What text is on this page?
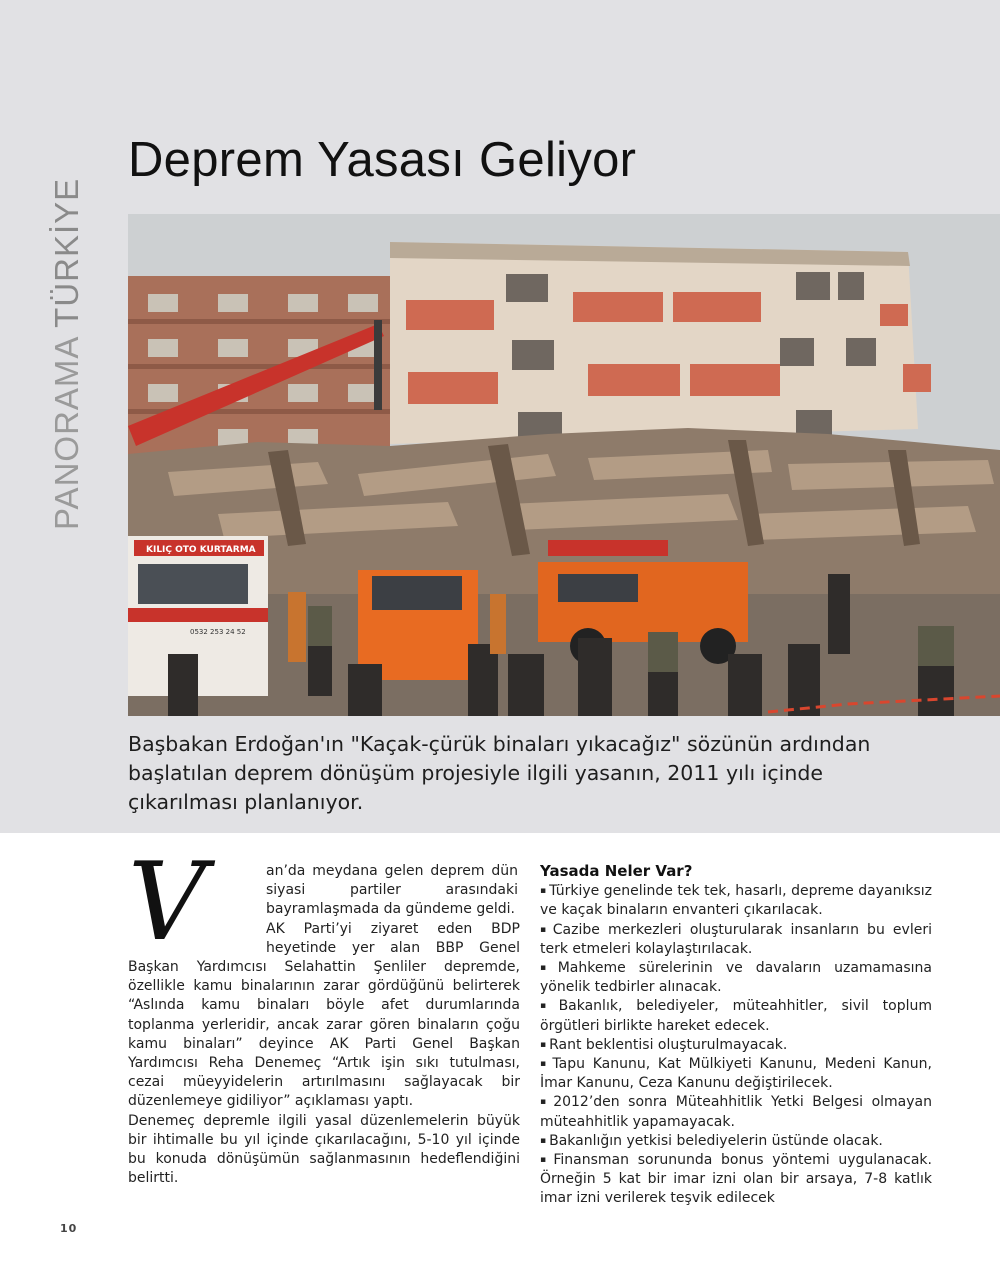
PANORAMA TÜRKİYE
Deprem Yasası Geliyor
KILIÇ OTO KURTARMA
0532 253 24 52

Başbakan Erdoğan'ın "Kaçak-çürük binaları yıkacağız" sözünün ardından başlatılan deprem dönüşüm projesiyle ilgili yasanın, 2011 yılı içinde çıkarılması planlanıyor.

V	an’da meydana gelen deprem dün siyasi partiler arasındaki bayramlaşmada da gündeme geldi.

AK Parti’yi ziyaret eden BDP heyetinde yer alan BBP Genel Başkan Yardımcısı Selahattin Şenliler depremde, özellikle kamu binalarının zarar gördüğünü belirterek “Aslında kamu binaları böyle afet durumlarında toplanma yerleridir, ancak zarar gören binaların çoğu kamu binaları” deyince AK Parti Genel Başkan Yardımcısı Reha Denemeç “Artık işin sıkı tutulması, cezai müeyyidelerin artırılmasını sağlayacak bir düzenlemeye gidiliyor” açıklaması yaptı.

Denemeç depremle ilgili yasal düzenlemelerin büyük bir ihtimalle bu yıl içinde çıkarılacağını, 5-10 yıl içinde bu konuda dönüşümün sağlanmasının hedeflendiğini belirtti.

Yasada Neler Var?
▪ Türkiye genelinde tek tek, hasarlı, depreme dayanıksız ve kaçak binaların envanteri çıkarılacak.
▪ Cazibe merkezleri oluşturularak insanların bu evleri terk etmeleri kolaylaştırılacak.
▪ Mahkeme sürelerinin ve davaların uzamamasına yönelik tedbirler alınacak.
▪ Bakanlık, belediyeler, müteahhitler, sivil toplum örgütleri birlikte hareket edecek.
▪ Rant beklentisi oluşturulmayacak.
▪ Tapu Kanunu, Kat Mülkiyeti Kanunu, Medeni Kanun, İmar Kanunu, Ceza Kanunu değiştirilecek.
▪ 2012’den sonra Müteahhitlik Yetki Belgesi olmayan müteahhitlik yapamayacak.
▪ Bakanlığın yetkisi belediyelerin üstünde olacak.
▪ Finansman sorununda bonus yöntemi uygulanacak. Örneğin 5 kat bir imar izni olan bir arsaya, 7-8 katlık imar izni verilerek teşvik edilecek
10
